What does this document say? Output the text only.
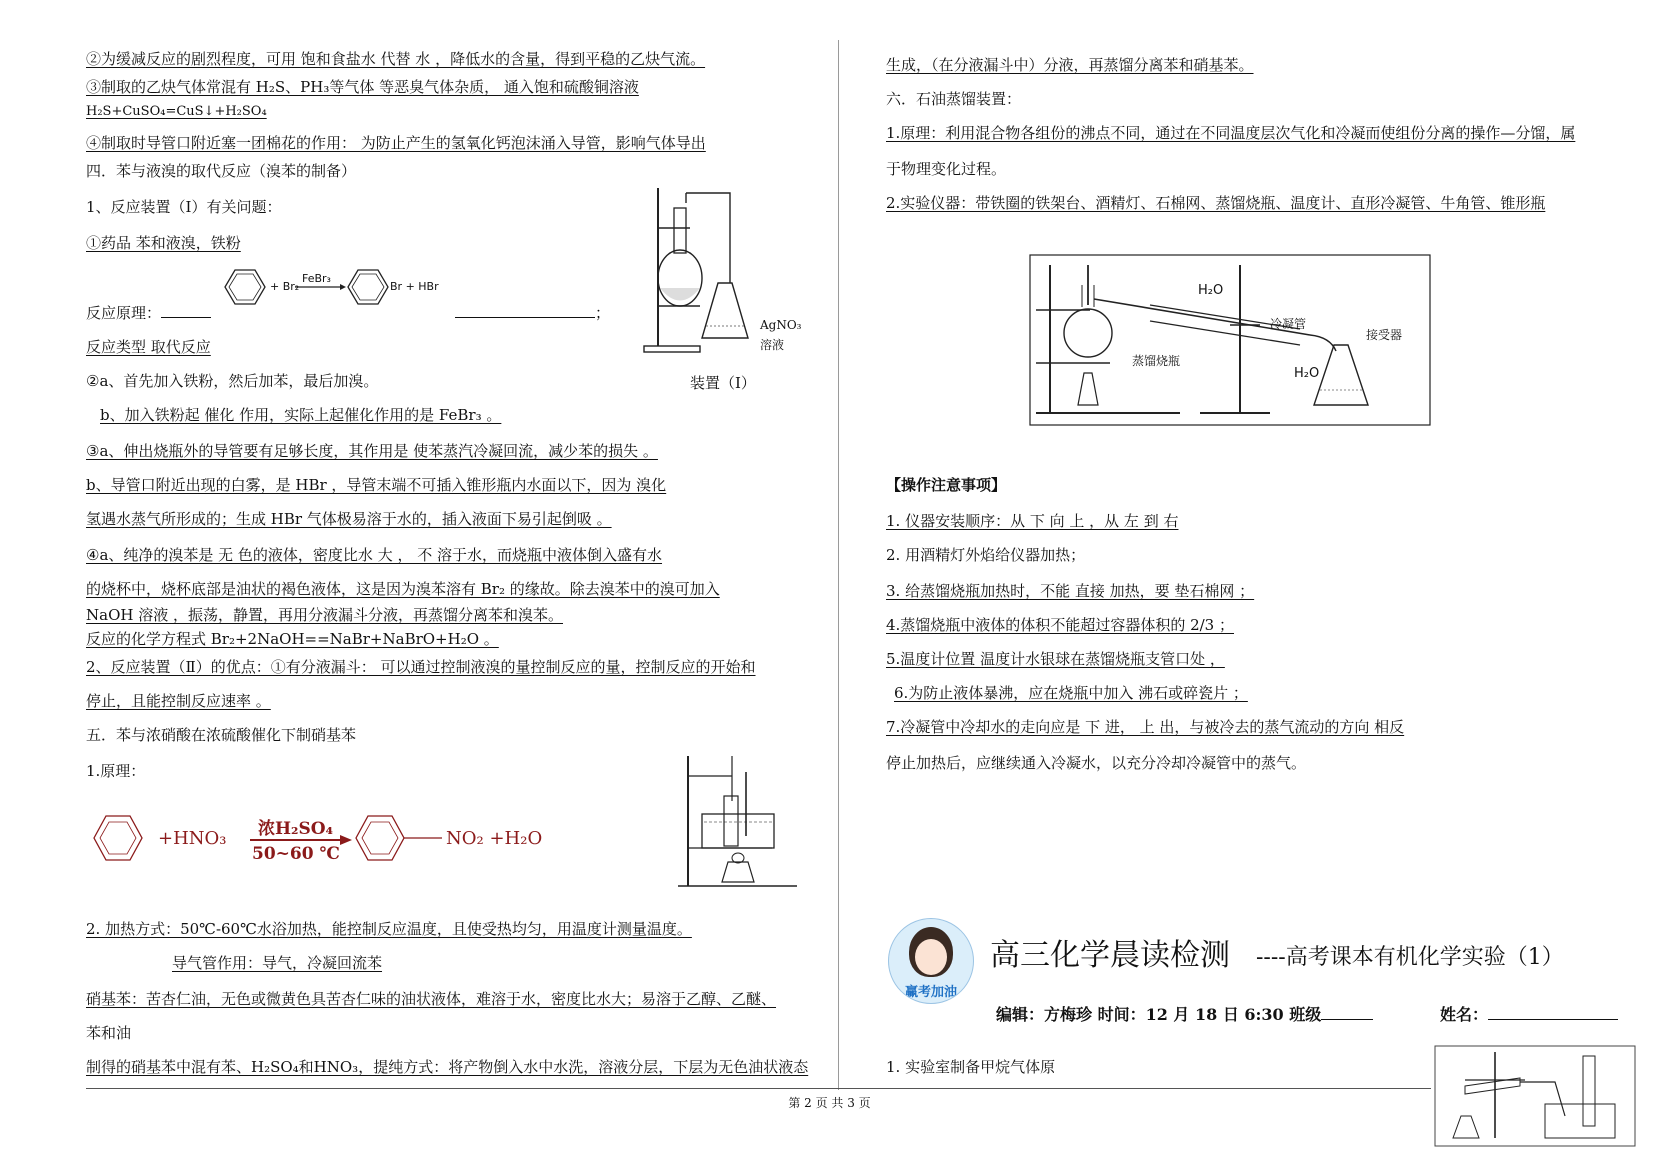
②为缓减反应的剧烈程度，可用 饱和食盐水 代替 水 ，降低水的含量，得到平稳的乙炔气流。
③制取的乙炔气体常混有 H₂S、PH₃等气体 等恶臭气体杂质， 通入饱和硫酸铜溶液
H₂S+CuSO₄=CuS↓+H₂SO₄
④制取时导管口附近塞一团棉花的作用： 为防止产生的氢氧化钙泡沫涌入导管，影响气体导出
四．苯与液溴的取代反应（溴苯的制备）
1、反应装置（Ⅰ）有关问题：
①药品 苯和液溴，铁粉
+ Br₂
FeBr₃
Br + HBr
反应原理：	；
反应类型 取代反应
AgNO₃
溶液
装置（Ⅰ）
②a、首先加入铁粉，然后加苯，最后加溴。
b、加入铁粉起 催化 作用，实际上起催化作用的是 FeBr₃ 。
③a、伸出烧瓶外的导管要有足够长度，其作用是 使苯蒸汽冷凝回流，减少苯的损失 。
b、导管口附近出现的白雾，是 HBr ，导管末端不可插入锥形瓶内水面以下，因为 溴化
氢遇水蒸气所形成的；生成 HBr 气体极易溶于水的，插入液面下易引起倒吸 。
④a、纯净的溴苯是 无 色的液体，密度比水 大 ， 不 溶于水，而烧瓶中液体倒入盛有水
的烧杯中，烧杯底部是油状的褐色液体，这是因为溴苯溶有 Br₂ 的缘故。除去溴苯中的溴可加入
NaOH 溶液 ，振荡，静置，再用分液漏斗分液，再蒸馏分离苯和溴苯。
反应的化学方程式 Br₂+2NaOH==NaBr+NaBrO+H₂O 。
2、反应装置（Ⅱ）的优点：①有分液漏斗： 可以通过控制液溴的量控制反应的量，控制反应的开始和
停止，且能控制反应速率 。
五．苯与浓硝酸在浓硫酸催化下制硝基苯
1.原理：
+HNO₃ 浓H₂SO₄
50~60 ℃
NO₂ +H₂O
2. 加热方式：50℃-60℃水浴加热，能控制反应温度，且使受热均匀，用温度计测量温度。
导气管作用：导气，冷凝回流苯
硝基苯：苦杏仁油，无色或微黄色具苦杏仁味的油状液体，难溶于水，密度比水大；易溶于乙醇、乙醚、
苯和油
制得的硝基苯中混有苯、H₂SO₄和HNO₃，提纯方式：将产物倒入水中水洗，溶液分层，下层为无色油状液态
生成，（在分液漏斗中）分液，再蒸馏分离苯和硝基苯。
六．石油蒸馏装置：
1.原理：利用混合物各组份的沸点不同，通过在不同温度层次气化和冷凝而使组份分离的操作—分馏，属
于物理变化过程。
2.实验仪器：带铁圈的铁架台、酒精灯、石棉网、蒸馏烧瓶、温度计、直形冷凝管、牛角管、锥形瓶
H₂O
冷凝管
接受器
蒸馏烧瓶
H₂O
【操作注意事项】
1. 仪器安装顺序：从 下 向 上 ，从 左 到 右
2. 用酒精灯外焰给仪器加热；
3. 给蒸馏烧瓶加热时，不能 直接 加热，要 垫石棉网 ；
4.蒸馏烧瓶中液体的体积不能超过容器体积的 2/3 ；
5.温度计位置 温度计水银球在蒸馏烧瓶支管口处 ，
6.为防止液体暴沸，应在烧瓶中加入 沸石或碎瓷片 ；
7.冷凝管中冷却水的走向应是 下 进， 上 出，与被冷去的蒸气流动的方向 相反
停止加热后，应继续通入冷凝水，以充分冷却冷凝管中的蒸气。
赢考加油
高三化学晨读检测 ----高考课本有机化学实验（1）
编辑：方梅珍 时间：12 月 18 日 6:30 班级	姓名：
1. 实验室制备甲烷气体原
第 2 页 共 3 页
